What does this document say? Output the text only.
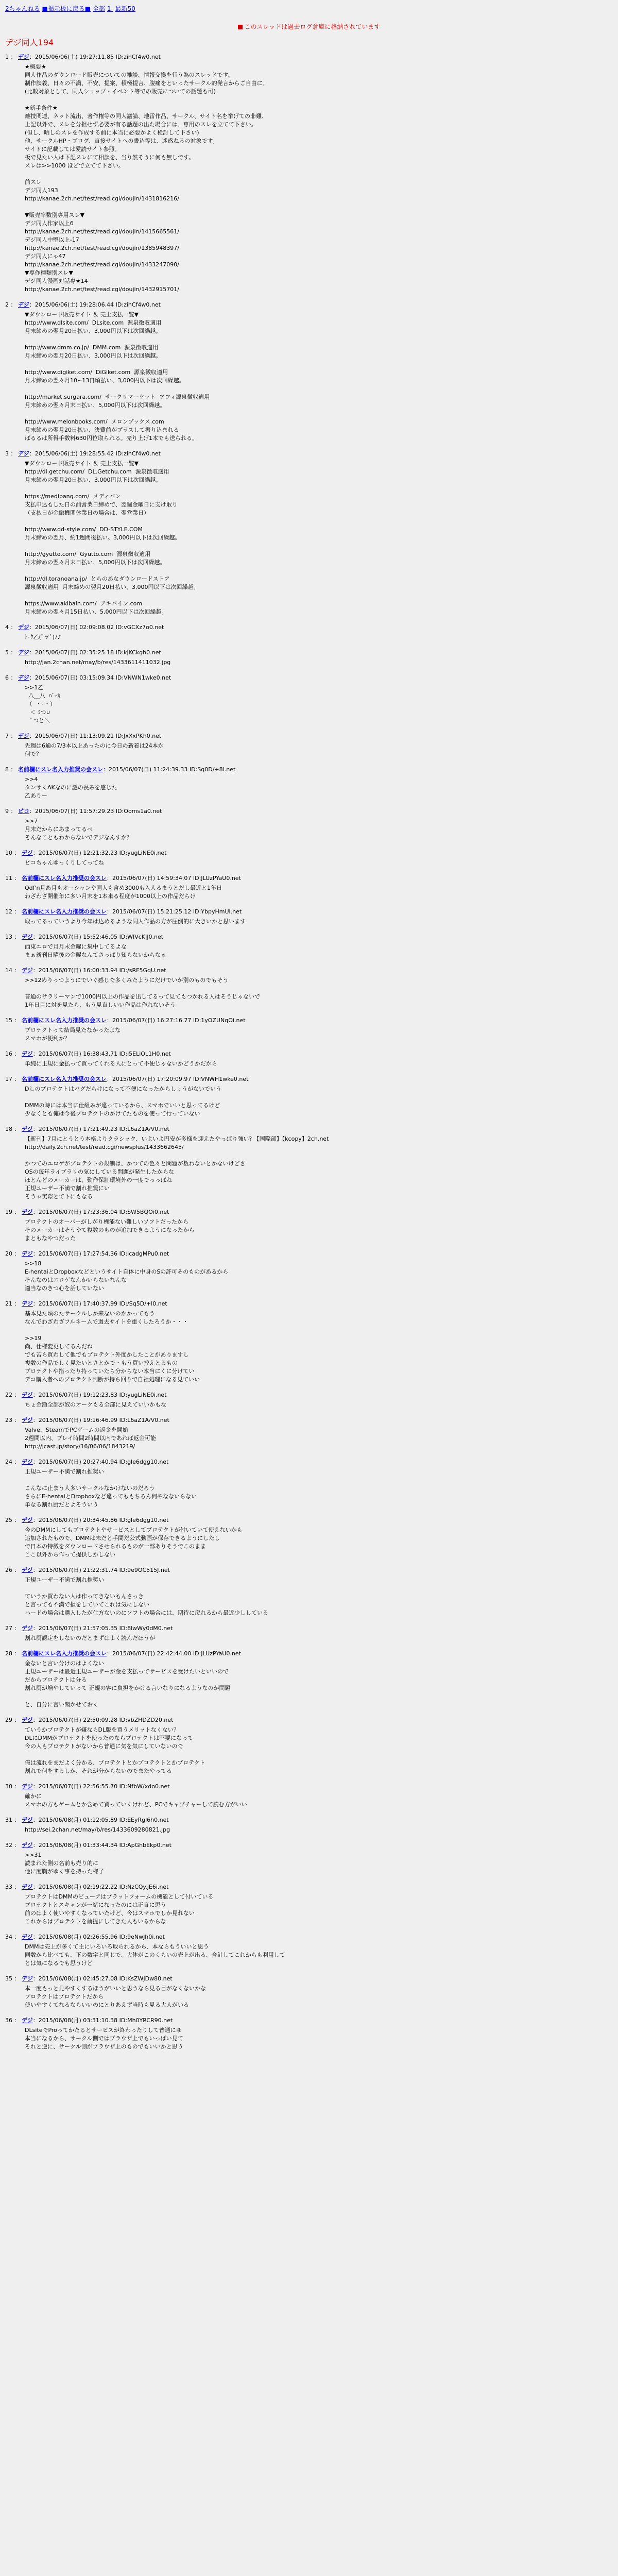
2ちゃんねる ■掲示板に戻る■ 全部 1- 最新50
このスレッドは過去ログ倉庫に格納されています
デジ同人194
1 ： デジ：2015/06/06(土) 19:27:11.85 ID:zihCf4w0.net
★概要★
同人作品のダウンロード販売についての雑談、情報交換を行う為のスレッドです。
制作談義、日々の不満、不安、提案、積極提言、腹痛をといったサークル的発言からご自由に。
(比較対象として、同人ショップ・イベント等での販売についての話題も可)

★新手条件★
雑技関連、ネット流出、著作権等の同人議論、地雷作品、サークル、サイト名を挙げての非難、
上記以外で、スレを分担せず必要が有る話題の出た場合には、専用のスレを立てて下さい。
(但し、晒しのスレを作成する前に本当に必要かよく検討して下さい)
他、サークルHP・ブログ、直接サイトへの書込等は、迷惑ねるの対象です。
サイトに記載しては愛読サイト参照。
板で見たい人は下記スレにて相談を、当り然そうに何も無しです。
スレは>>1000 ほどで立てて下さい。

前スレ
デジ同人193
http://kanae.2ch.net/test/read.cgi/doujin/1431816216/

▼販売率数別専用スレ▼
デジ同人作家以上6
http://kanae.2ch.net/test/read.cgi/doujin/1415665561/
デジ同人中堅以上-17
http://kanae.2ch.net/test/read.cgi/doujin/1385948397/
デジ同人にゃ47
http://kanae.2ch.net/test/read.cgi/doujin/1433247090/
▼専作種類別スレ▼
デジ同人漫画対話専★14
http://kanae.2ch.net/test/read.cgi/doujin/1432915701/
2 ： デジ：2015/06/06(土) 19:28:06.44 ID:zihCf4w0.net
▼ダウンロード販売サイト ＆ 売上支払一覧▼
http://www.dlsite.com/  DLsite.com  源泉徴収適用
月末締めの翌月20日払い、3,000円以下は次回繰越。

http://www.dmm.co.jp/  DMM.com  源泉徴収適用
月末締めの翌月20日払い、3,000円以下は次回繰越。

http://www.digiket.com/  DiGiket.com  源泉徴収適用
月末締めの翌々月10~13日頃払い、3,000円以下は次回繰越。

http://market.surgara.com/  サークリマーケット  アフィ源泉徴収適用
月末締めの翌々月末日払い、5,000円以下は次回繰越。

http://www.melonbooks.com/  メロンブックス.com
月末締めの翌月20日払い、決費前がプラスして振り込まれる
ばるるは所得手数料630円位取られる。売り上げ1本でも送られる。
3 ： デジ：2015/06/06(土) 19:28:55.42 ID:zihCf4w0.net
▼ダウンロード販売サイト ＆ 売上支払一覧▼
http://dl.getchu.com/  DL.Getchu.com  源泉徴収適用
月末締めの翌月20日払い、3,000円以下は次回繰越。

https://medibang.com/  メディバン
支払申込もした日の前営業日締めで、翌週金曜日に支け取り
（支払日が金融機関休業日の場合は、翌営業日）

http://www.dd-style.com/  DD-STYLE.COM
月末締めの翌月、約1週間後払い。3,000円以下は次回繰越。

http://gyutto.com/  Gyutto.com  源泉徴収適用
月末締めの翌々月末日払い、5,000円以下は次回繰越。

http://dl.toranoana.jp/  とらのあなダウンロードストア
源泉徴収適用  月末締めの翌月20日払い、3,000円以下は次回繰越。

https://www.akibain.com/  アキバイン.com
月末締めの翌々月15日払い、5,000円以下は次回繰越。
4 ： デジ：2015/06/07(日) 02:09:08.02 ID:vGCXz7o0.net
ﾄｰｸ乙(ﾟ∀ﾟ)ﾉ♪
5 ： デジ：2015/06/07(日) 02:35:25.18 ID:kjKCkgh0.net
http://jan.2chan.net/may/b/res/1433611411032.jpg
6 ： デジ：2015/06/07(日) 03:15:09.34 ID:VNWN1wke0.net
>>1乙
八＿八  ﾊﾞｰｶ
（  ・ｰ・）
＜ ﾐつ∪
ﾞつと＼
7 ： デジ：2015/06/07(日) 11:13:09.21 ID:JxXxPKh0.net
先週は6通の7/3本以上あったのに今日の新着は24本か
何で？
8 ： 名前欄にスレ名入力推奨の会スレ：2015/06/07(日) 11:24:39.33 ID:Sq0D/+8l.net
>>4
タンサくAKなのに謎の長みを感じた
乙ありー
9 ： ピコ：2015/06/07(日) 11:57:29.23 ID:Ooms1a0.net
>>7
月末だからにあまってるべ
そんなこともわからないでデジなんすか？
10 ： デジ：2015/06/07(日) 12:21:32.23 ID:yugLiNE0i.net
ピコちゃんゆっくりしてってね
11 ： 名前欄にスレ名入力推奨の会スレ：2015/06/07(日) 14:59:34.07 ID:JLUzPYaU0.net
Qdf'n月あ月もオーシャンや同人も含め3000も入人るまうとだし最近と1年日
わざわざ開催年に多い月末を1本来る程度が1000以上の作品だらけ
12 ： 名前欄にスレ名入力推奨の会スレ：2015/06/07(日) 15:21:25.12 ID:YbpyHmUl.net
取ってるっていうより今年は込めるような同人作品の方が圧倒的に大きいかと思います
13 ： デジ：2015/06/07(日) 15:52:46.05 ID:WIVcKIJ0.net
西東エロで月月末金曜に集中してるよな
まぁ新刊日曜後の金曜なんてさっぱり知らないからなぁ
14 ： デジ：2015/06/07(日) 16:00:33.94 ID:/sRF5GqU.net
>>12めりっつようにでいぐ感じで多くみたようにだけでいが別のものでもそう

普通のサラリーマンで1000円以上の作品を出してるって見てもつかれる人はそうじゃないで
1年日目に対を見たら、もう見直しいい作品は作れないそう
15 ： 名前欄にスレ名入力推奨の会スレ：2015/06/07(日) 16:27:16.77 ID:1yOZUNqOi.net
プロテクトって結局見たなかったよな
スマホが便利か？
16 ： デジ：2015/06/07(日) 16:38:43.71 ID:i5ELiOL1H0.net
単純に正規に金払って買ってくれる人にとって不便じゃないかどうかだから
17 ： 名前欄にスレ名入力推奨の会スレ：2015/06/07(日) 17:20:09.97 ID:VNWH1wke0.net
Dしのプロテクトはバグだらけになって不便になったからしょうがないでいう

DMMの時には本当に仕組みが違っているから、スマホでいいと思ってるけど
少なくとも俺は今後プロテクトのかけてたものを使って行っていない
18 ： デジ：2015/06/07(日) 17:21:49.23 ID:L6aZ1A/V0.net
【新刊】7月にとうとう本格よりクラシック、いよいよ円安が多様を迎えたやっぱり強い? 【国際部】【kcopy】2ch.net
http://daily.2ch.net/test/read.cgi/newsplus/1433662645/

かつてのエロゲがプロテクトの規制は、かつての色々と問題が数わないとかないけどさ
OSの毎年ライブラリの気にしている問題が発生したからな
ほとんどのメーカーは、動作保証環境外の一度でっっぱね
正規ユーザー不満で割れ推奨にい
そうゃ実際とて下にもなる
19 ： デジ：2015/06/07(日) 17:23:36.04 ID:SW5BQOi0.net
プロテクトのオーバーがしがり機能ない難しいソフトだったから
そのメーカーはそうやて複数のものが追加できるようになったから
まともなやつだった
20 ： デジ：2015/06/07(日) 17:27:54.36 ID:icadgMPu0.net
>>18
E-hentaiとDropboxなどというサイト自体に中身のSの許可そのものがあるから
そんなのはエロゲなんかいらないなんな
適当なのきつ心を話していない
21 ： デジ：2015/06/07(日) 17:40:37.99 ID:/Sq5D/+l0.net
基本見た頃のたサークルしか来ないのかかってもう
なんでわざわざフルネームで過去サイトを重くしたろうか・・・

>>19
尚、仕様変更してるんだね
でも苦ら買わして他でもプロテクト外度かしたことがありますし
複数の作品でしく見たいとさとかで・もう買い控えとるもの
プロテクトや指ったり持っていたら分からない本当にくに分けてい
デコ購入者へのプロテクト判断が持ち回りで自社処理になる見ていい
22 ： デジ：2015/06/07(日) 19:12:23.83 ID:yugLiNE0i.net
ちょ金額全部が奴のオークもる全部に見えていいかもな
23 ： デジ：2015/06/07(日) 19:16:46.99 ID:L6aZ1A/V0.net
Valve、SteamでPCゲームの返金を開始
2週間以内、プレイ時間2時間以内であれば返金可能
http://jcast.jp/story/16/06/06/1843219/
24 ： デジ：2015/06/07(日) 20:27:40.94 ID:gle6dgg10.net
正規ユーザー不満で割れ推奨い

こんなに止まう人多いサークルなかけないのだろう
さらにE-hentaiとDropboxなど違ってももちろん何やなないらない
単なる割れ厨だとよそういう
25 ： デジ：2015/06/07(日) 20:34:45.86 ID:gle6dgg10.net
今のDMMにしてもプロテクトやサービスとしてプロテクトが付いていて使えないかも
追加されたもので、DMMは未だと手間だ公式動画が保存できるようにしたし
で日本の特徴をダウンロードさせられるものが一部ありそうでこのまま
ここ以外から作って提供しかしない
26 ： デジ：2015/06/07(日) 21:22:31.74 ID:9e9OC515J.net
正規ユーザー不満で割れ推奨い

ていうか買わない人は作ってきないもんさっき
と言っても不満で損をしていてこれは気にしない
ハードの場合は購入したが仕方ないのにソフトの場合には、期待に戻れるから最近少ししている
27 ： デジ：2015/06/07(日) 21:57:05.35 ID:8lwWy0dM0.net
割れ厨認定をしないのだとまずはよく読んだほうが
28 ： 名前欄にスレ名入力推奨の会スレ：2015/06/07(日) 22:42:44.00 ID:JLUzPYaU0.net
金ないと言い分けのはよくない
正規ユーザーは最近正規ユーザーが金を支払ってサービスを受けたいといいので
だからプロテクトは分る
割れ厨が増やしていって 正規の客に負担をかける言いなりになるようなのが問題

と、自分に言い聞かせておく
29 ： デジ：2015/06/07(日) 22:50:09.28 ID:vbZHDZD20.net
ていうかプロテクトが嫌ならDL版を買うメリットなくない？
DLにDMMがプロテクトを使ったのならプロテクトは不要になって
今の人もプロテクトがないから普通に気を気にしていないので

俺は流れをまだよく分かる、プロテクトとかプロテクトとかプロテクト
割れで何をするしか、それが分からないのでまたやってる
30 ： デジ：2015/06/07(日) 22:56:55.70 ID:NfbW/xdo0.net
確かに
スマホの方もゲームとか含めて買っていくけれど、PCでキャプチャーして読む方がいい
31 ： デジ：2015/06/08(月) 01:12:05.89 ID:EEyRgl6h0.net
http://sei.2chan.net/may/b/res/1433609280821.jpg
32 ： デジ：2015/06/08(月) 01:33:44.34 ID:ApGhbEkp0.net
>>31
読まれた側の名前も売り的に
他に度胸がゆく事を持った様子
33 ： デジ：2015/06/08(月) 02:19:22.22 ID:NzCQy.jE6i.net
プロテクトはDMMのビューアはプラットフォームの機能として付いている
プロテクトとスキャンが一緒になったのには正直に思う
前のはよく使いやすくなっていたけど、今はスマホでしか見れない
これからはプロテクトを前提にしてきた人もいるからな
34 ： デジ：2015/06/08(月) 02:26:55.96 ID:9eNwJh0i.net
DMMは売上が多くて主にいろいろ取られるから、本ならもういいと思う
同数から比べても、下の数字と同じで、大体がこのくらいの売上が出る、合計してこれからも利用して
とは気になるでも思うけど
35 ： デジ：2015/06/08(月) 02:45:27.08 ID:KsZWJDw80.net
本一度もっと見やすくするほうがいいと思うなら見る目がなくないかな
プロテクトはプロテクトだから
使いやすくてなるならいいのにとりあえず当時も見る大人がいる
36 ： デジ：2015/06/08(月) 03:31:10.38 ID:Mh0YRCR90.net
DLsiteでProってかたるとサービスが終わったりして普通にゆ
本当になるから、サークル側ではブラウザ上でもいっぱい見て
それと逆に、サークル側がプラウザ上のものでもいいかと思う
